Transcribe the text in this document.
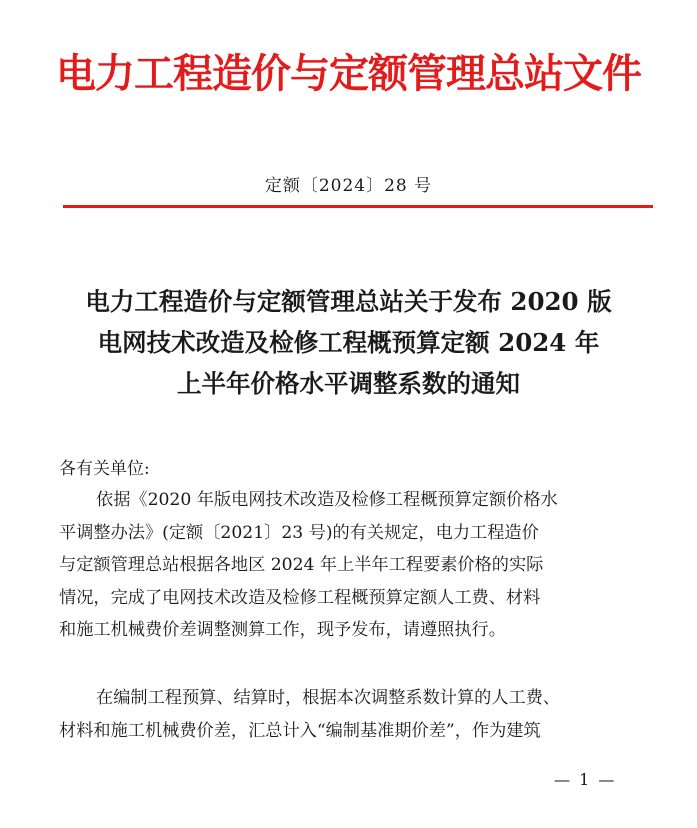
电力工程造价与定额管理总站文件
定额〔2024〕28 号
电力工程造价与定额管理总站关于发布 2020 版
电网技术改造及检修工程概预算定额 2024 年
上半年价格水平调整系数的通知
各有关单位:
依据《2020 年版电网技术改造及检修工程概预算定额价格水
平调整办法》(定额〔2021〕23 号)的有关规定，电力工程造价
与定额管理总站根据各地区 2024 年上半年工程要素价格的实际
情况，完成了电网技术改造及检修工程概预算定额人工费、材料
和施工机械费价差调整测算工作，现予发布，请遵照执行。
在编制工程预算、结算时，根据本次调整系数计算的人工费、
材料和施工机械费价差，汇总计入“编制基准期价差”，作为建筑
— 1 —
